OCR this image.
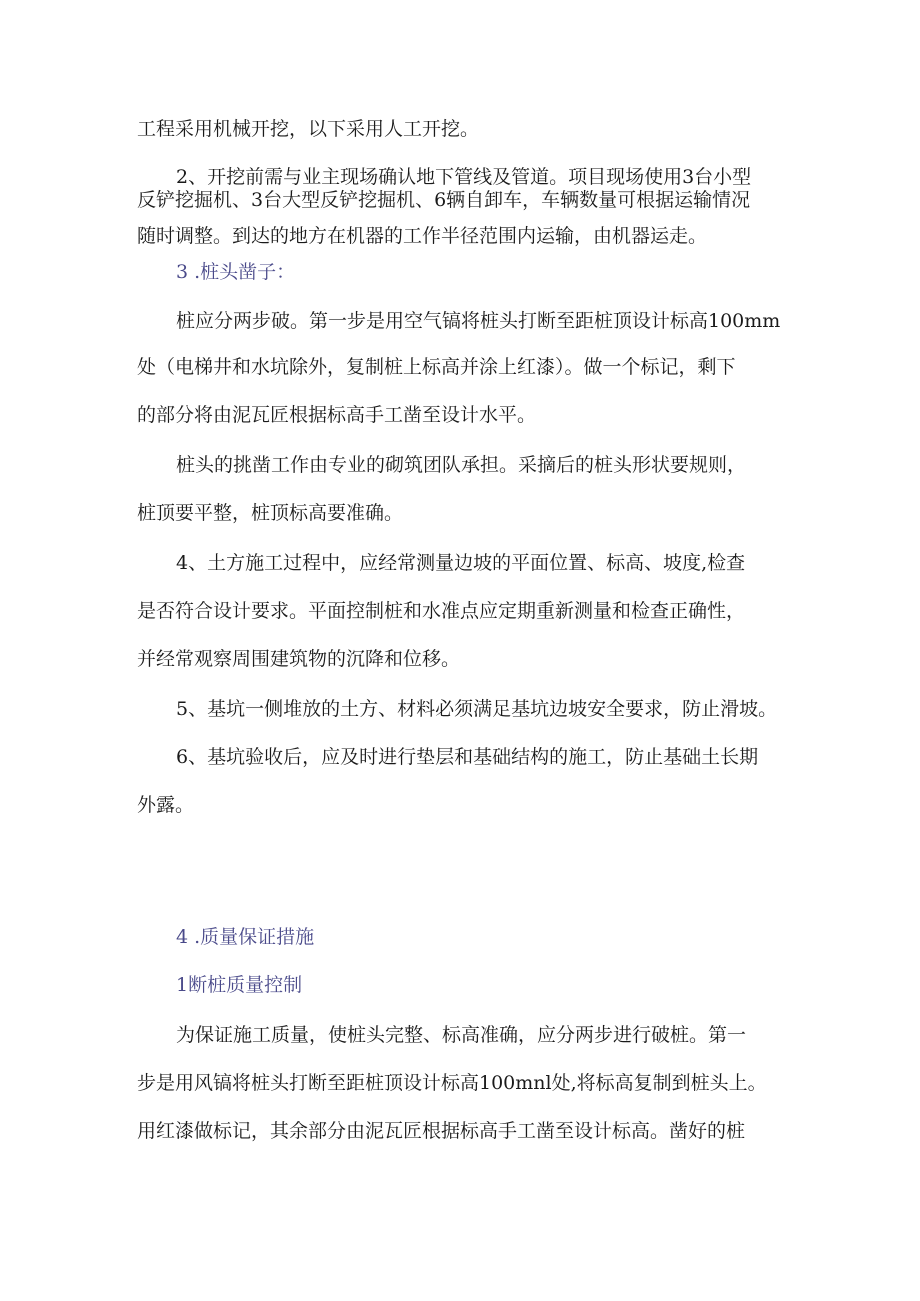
工程采用机械开挖，以下采用人工开挖。
2、开挖前需与业主现场确认地下管线及管道。项目现场使用3台小型
反铲挖掘机、3台大型反铲挖掘机、6辆自卸车，车辆数量可根据运输情况
随时调整。到达的地方在机器的工作半径范围内运输，由机器运走。
3 .桩头凿子：
桩应分两步破。第一步是用空气镐将桩头打断至距桩顶设计标高100mm
处（电梯井和水坑除外，复制桩上标高并涂上红漆）。做一个标记，剩下
的部分将由泥瓦匠根据标高手工凿至设计水平。
桩头的挑凿工作由专业的砌筑团队承担。采摘后的桩头形状要规则，
桩顶要平整，桩顶标高要准确。
4、土方施工过程中，应经常测量边坡的平面位置、标高、坡度,检查
是否符合设计要求。平面控制桩和水准点应定期重新测量和检查正确性，
并经常观察周围建筑物的沉降和位移。
5、基坑一侧堆放的土方、材料必须满足基坑边坡安全要求，防止滑坡。
6、基坑验收后，应及时进行垫层和基础结构的施工，防止基础土长期
外露。
4 .质量保证措施
1断桩质量控制
为保证施工质量，使桩头完整、标高准确，应分两步进行破桩。第一
步是用风镐将桩头打断至距桩顶设计标高100mnl处,将标高复制到桩头上。
用红漆做标记，其余部分由泥瓦匠根据标高手工凿至设计标高。凿好的桩
